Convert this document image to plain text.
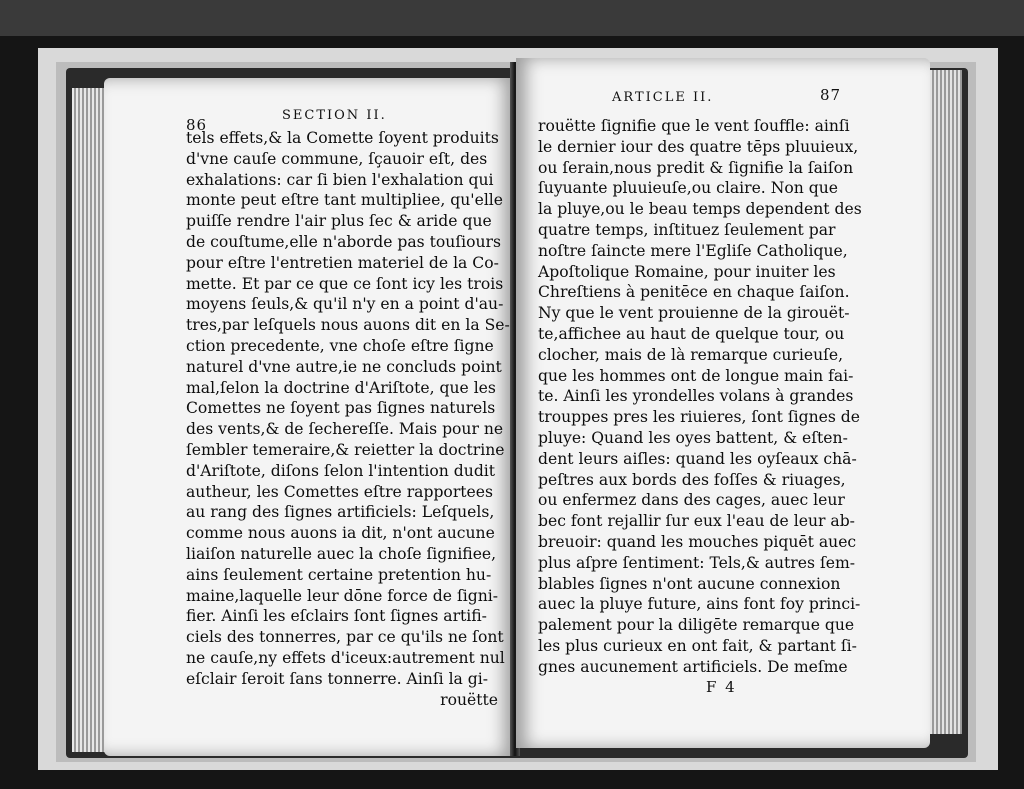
86
SECTION II.
tels effets,& la Comette ſoyent produits
d'vne cauſe commune, ſçauoir eſt, des
exhalations: car ſi bien l'exhalation qui
monte peut eſtre tant multipliee, qu'elle
puiſſe rendre l'air plus ſec & aride que
de couſtume,elle n'aborde pas touſiours
pour eſtre l'entretien materiel de la Co-
mette. Et par ce que ce ſont icy les trois
moyens ſeuls,& qu'il n'y en a point d'au-
tres,par leſquels nous auons dit en la Se-
ction precedente, vne choſe eſtre ſigne
naturel d'vne autre,ie ne concluds point
mal,ſelon la doctrine d'Ariſtote, que les
Comettes ne ſoyent pas ſignes naturels
des vents,& de ſechereſſe. Mais pour ne
ſembler temeraire,& reietter la doctrine
d'Ariſtote, diſons ſelon l'intention dudit
autheur, les Comettes eſtre rapportees
au rang des ſignes artificiels: Leſquels,
comme nous auons ia dit, n'ont aucune
liaiſon naturelle auec la choſe ſignifiee,
ains ſeulement certaine pretention hu-
maine,laquelle leur dōne force de ſigni-
fier. Ainſi les eſclairs ſont ſignes artifi-
ciels des tonnerres, par ce qu'ils ne ſont
ne cauſe,ny effets d'iceux:autrement nul
eſclair ſeroit ſans tonnerre. Ainſi la gi-
rouëtte
ARTICLE II.	87
rouëtte ſignifie que le vent ſouffle: ainſi
le dernier iour des quatre tēps pluuieux,
ou ſerain,nous predit & ſignifie la ſaiſon
ſuyuante pluuieuſe,ou claire. Non que
la pluye,ou le beau temps dependent des
quatre temps, inſtituez ſeulement par
noſtre ſaincte mere l'Egliſe Catholique,
Apoſtolique Romaine, pour inuiter les
Chreſtiens à penitēce en chaque ſaiſon.
Ny que le vent prouienne de la girouët-
te,affichee au haut de quelque tour, ou
clocher, mais de là remarque curieuſe,
que les hommes ont de longue main fai-
te. Ainſi les yrondelles volans à grandes
trouppes pres les riuieres, ſont ſignes de
pluye: Quand les oyes battent, & eſten-
dent leurs aiſles: quand les oyſeaux chā-
peſtres aux bords des foſſes & riuages,
ou enfermez dans des cages, auec leur
bec font rejallir ſur eux l'eau de leur ab-
breuoir: quand les mouches piquēt auec
plus aſpre ſentiment: Tels,& autres ſem-
blables ſignes n'ont aucune connexion
auec la pluye future, ains font foy princi-
palement pour la diligēte remarque que
les plus curieux en ont fait, & partant ſi-
gnes aucunement artificiels. De meſme
F 4
